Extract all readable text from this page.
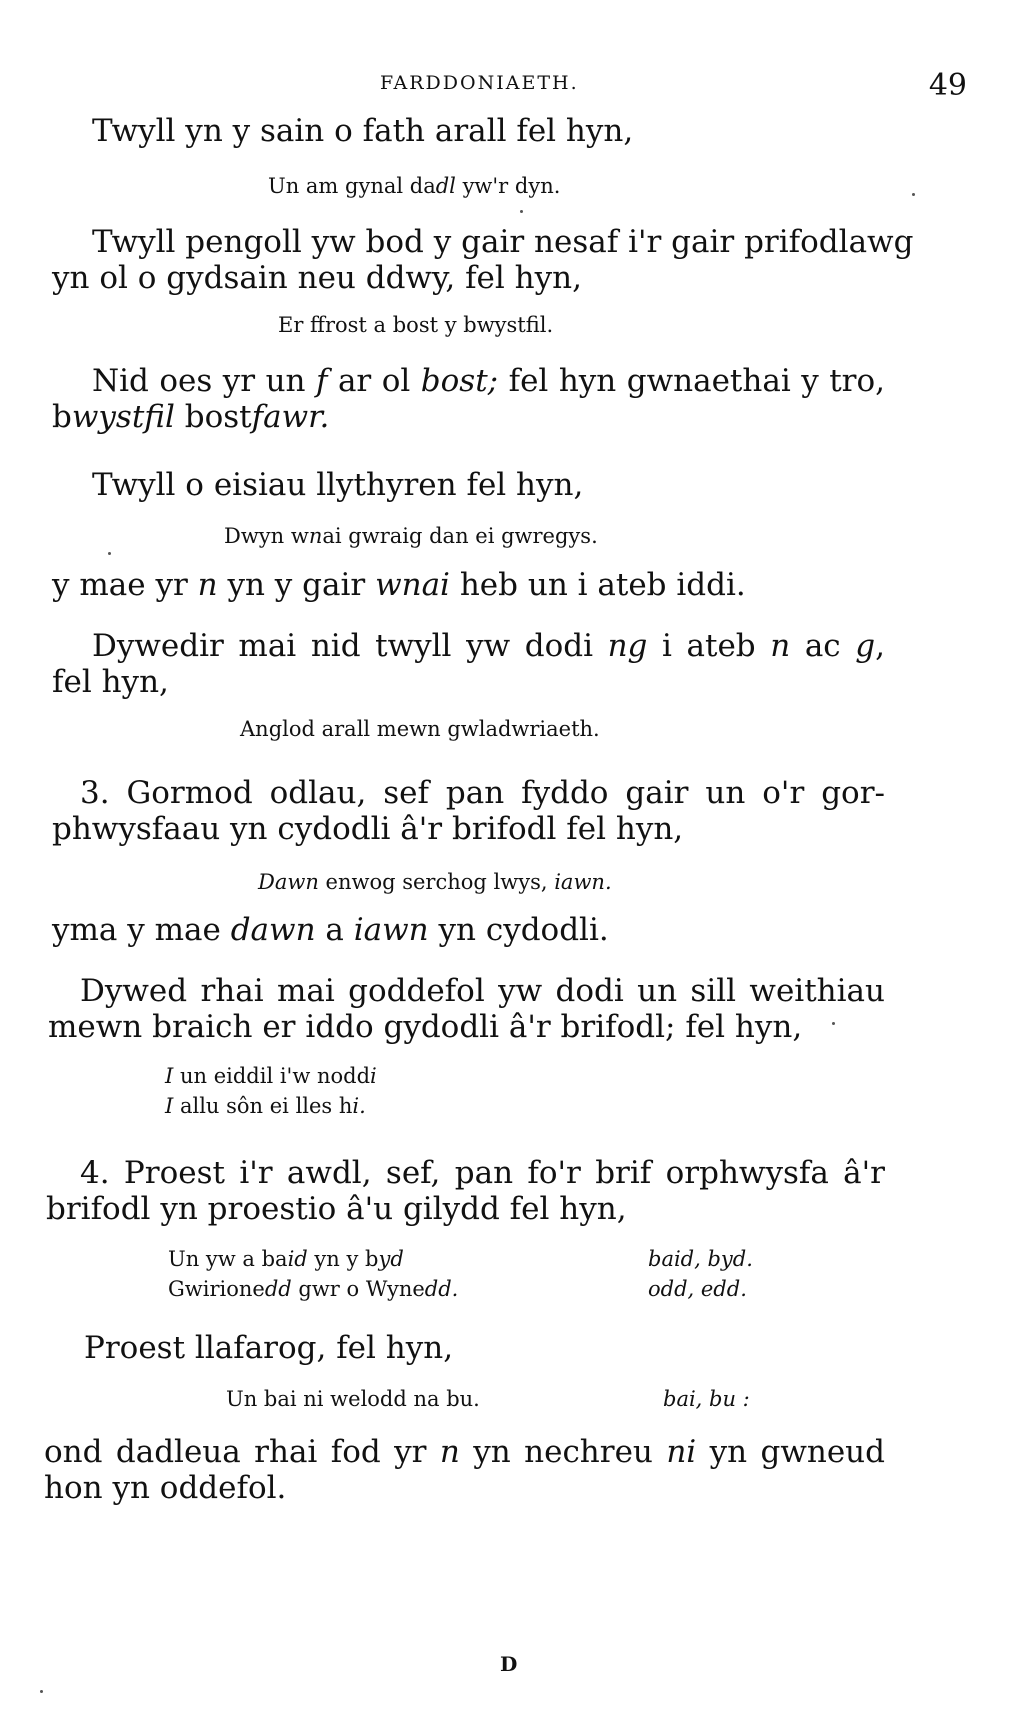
FARDDONIAETH.	49
Twyll yn y sain o fath arall fel hyn,
Un am gynal dadl yw'r dyn.
Twyll pengoll yw bod y gair nesaf i'r gair prifodlawg
yn ol o gydsain neu ddwy, fel hyn,
Er ffrost a bost y bwystfil.
Nid oes yr un f ar ol bost; fel hyn gwnaethai y tro,
bwystfil bostfawr.
Twyll o eisiau llythyren fel hyn,
Dwyn wnai gwraig dan ei gwregys.
y mae yr n yn y gair wnai heb un i ateb iddi.
Dywedir mai nid twyll yw dodi ng i ateb n ac g,
fel hyn,
Anglod arall mewn gwladwriaeth.
3. Gormod odlau, sef pan fyddo gair un o'r gor-
phwysfaau yn cydodli â'r brifodl fel hyn,
Dawn enwog serchog lwys, iawn.
yma y mae dawn a iawn yn cydodli.
Dywed rhai mai goddefol yw dodi un sill weithiau
mewn braich er iddo gydodli â'r brifodl; fel hyn,
I un eiddil i'w noddi
I allu sôn ei lles hi.
4. Proest i'r awdl, sef, pan fo'r brif orphwysfa â'r
brifodl yn proestio â'u gilydd fel hyn,
Un yw a baid yn y byd	baid, byd.
Gwirionedd gwr o Wynedd.	odd, edd.
Proest llafarog, fel hyn,
Un bai ni welodd na bu.	bai, bu :
ond dadleua rhai fod yr n yn nechreu ni yn gwneud
hon yn oddefol.
D
